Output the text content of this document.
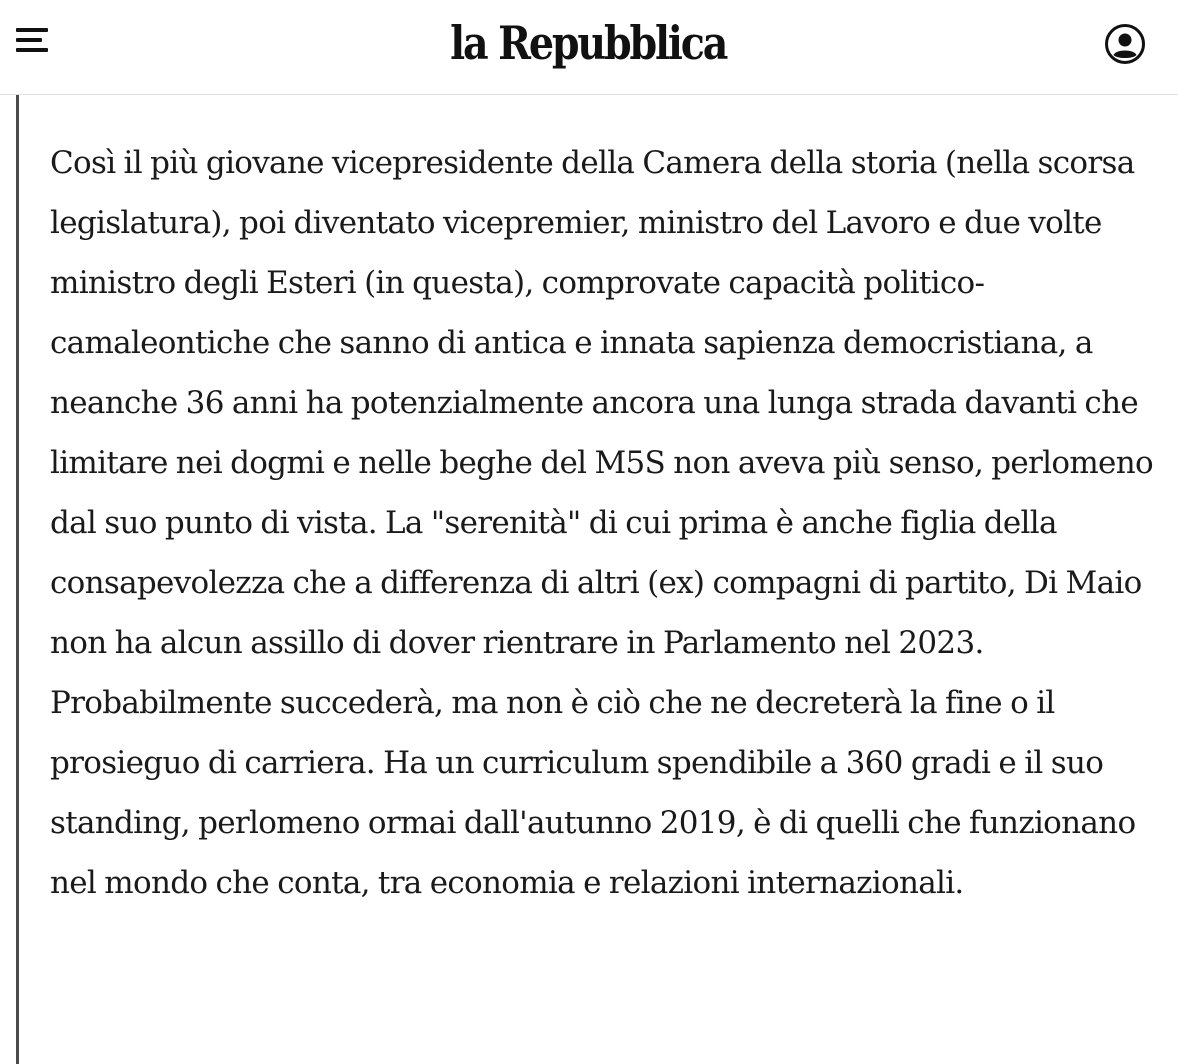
la Repubblica

Così il più giovane vicepresidente della Camera della storia (nella scorsa legislatura), poi diventato vicepremier, ministro del Lavoro e due volte ministro degli Esteri (in questa), comprovate capacità politico-camaleontiche che sanno di antica e innata sapienza democristiana, a neanche 36 anni ha potenzialmente ancora una lunga strada davanti che limitare nei dogmi e nelle beghe del M5S non aveva più senso, perlomeno dal suo punto di vista. La "serenità" di cui prima è anche figlia della consapevolezza che a differenza di altri (ex) compagni di partito, Di Maio non ha alcun assillo di dover rientrare in Parlamento nel 2023. Probabilmente succederà, ma non è ciò che ne decreterà la fine o il prosieguo di carriera. Ha un curriculum spendibile a 360 gradi e il suo standing, perlomeno ormai dall'autunno 2019, è di quelli che funzionano nel mondo che conta, tra economia e relazioni internazionali.
